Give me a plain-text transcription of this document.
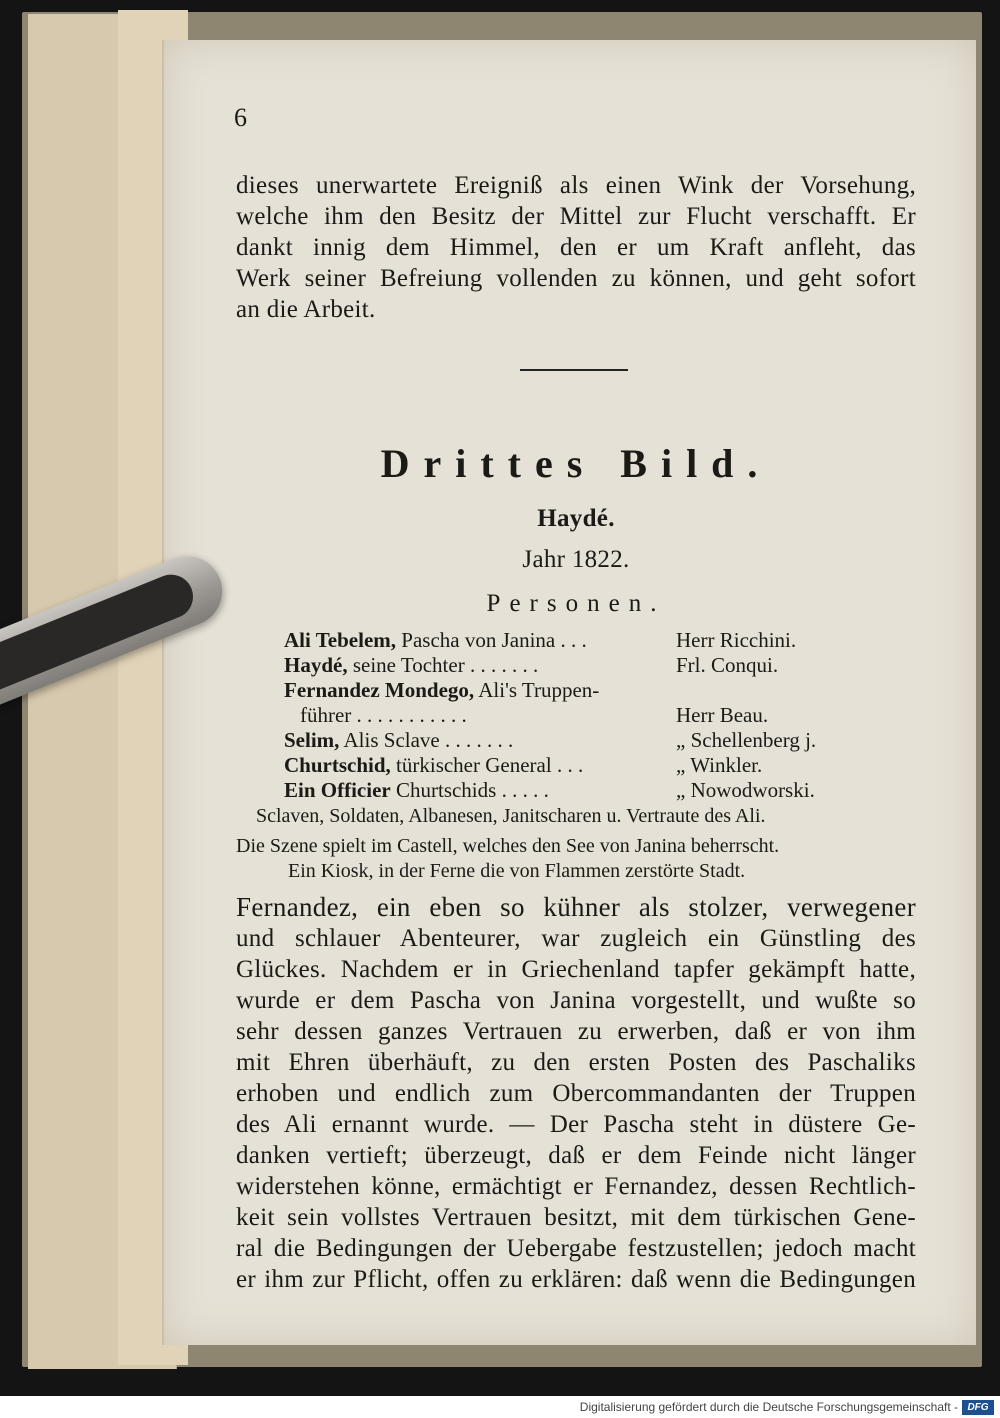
6
dieses unerwartete Ereigniß als einen Wink der Vorsehung,
welche ihm den Besitz der Mittel zur Flucht verschafft. Er
dankt innig dem Himmel, den er um Kraft anfleht, das
Werk seiner Befreiung vollenden zu können, und geht sofort
an die Arbeit.
Drittes Bild.
Haydé.
Jahr 1822.
Personen.
Ali Tebelem, Pascha von Janina . . .	Herr Ricchini.
Haydé, seine Tochter . . . . . . .	Frl. Conqui.
Fernandez Mondego, Ali's Truppen-
führer . . . . . . . . . . .	Herr Beau.
Selim, Alis Sclave . . . . . . .	„ Schellenberg j.
Churtschid, türkischer General . . .	„ Winkler.
Ein Officier Churtschids . . . . .	„ Nowodworski.
Sclaven, Soldaten, Albanesen, Janitscharen u. Vertraute des Ali.
Die Szene spielt im Castell, welches den See von Janina beherrscht.
Ein Kiosk, in der Ferne die von Flammen zerstörte Stadt.
Fernandez, ein eben so kühner als stolzer, verwegener
und schlauer Abenteurer, war zugleich ein Günstling des
Glückes. Nachdem er in Griechenland tapfer gekämpft hatte,
wurde er dem Pascha von Janina vorgestellt, und wußte so
sehr dessen ganzes Vertrauen zu erwerben, daß er von ihm
mit Ehren überhäuft, zu den ersten Posten des Paschaliks
erhoben und endlich zum Obercommandanten der Truppen
des Ali ernannt wurde. — Der Pascha steht in düstere Ge-
danken vertieft; überzeugt, daß er dem Feinde nicht länger
widerstehen könne, ermächtigt er Fernandez, dessen Rechtlich-
keit sein vollstes Vertrauen besitzt, mit dem türkischen Gene-
ral die Bedingungen der Uebergabe festzustellen; jedoch macht
er ihm zur Pflicht, offen zu erklären: daß wenn die Bedingungen
Digitalisierung gefördert durch die Deutsche Forschungsgemeinschaft - DFG
